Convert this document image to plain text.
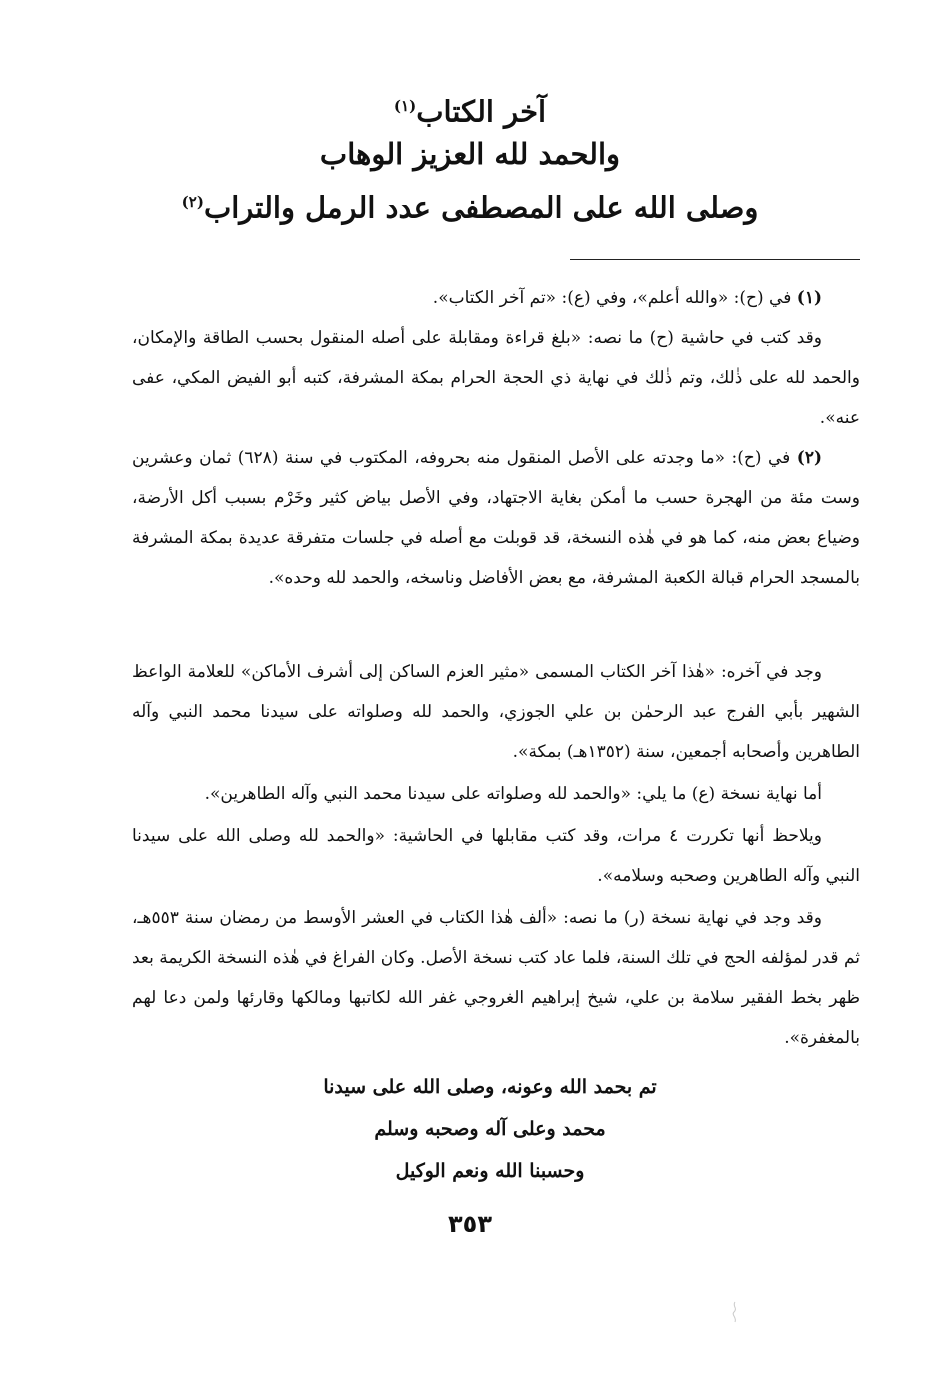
آخر الكتاب$^{(١)}$
والحمد لله العزيز الوهاب
وصلى الله على المصطفى عدد الرمل والتراب$^{(٢)}$
(١) في (ح): «والله أعلم»، وفي (ع): «تم آخر الكتاب».
وقد كتب في حاشية (ح) ما نصه: «بلغ قراءة ومقابلة على أصله المنقول بحسب الطاقة والإمكان، والحمد لله على ذٰلك، وتم ذٰلك في نهاية ذي الحجة الحرام بمكة المشرفة، كتبه أبو الفيض المكي، عفى عنه».
(٢) في (ح): «ما وجدته على الأصل المنقول منه بحروفه، المكتوب في سنة (٦٢٨) ثمان وعشرين وست مئة من الهجرة حسب ما أمكن بغاية الاجتهاد، وفي الأصل بياض كثير وخَرْم بسبب أكل الأرضة، وضياع بعض منه، كما هو في هٰذه النسخة، قد قوبلت مع أصله في جلسات متفرقة عديدة بمكة المشرفة بالمسجد الحرام قبالة الكعبة المشرفة، مع بعض الأفاضل وناسخه، والحمد لله وحده».
وجد في آخره: «هٰذا آخر الكتاب المسمى «مثير العزم الساكن إلى أشرف الأماكن» للعلامة الواعظ الشهير بأبي الفرج عبد الرحمٰن بن علي الجوزي، والحمد لله وصلواته على سيدنا محمد النبي وآله الطاهرين وأصحابه أجمعين، سنة (١٣٥٢هـ) بمكة».
أما نهاية نسخة (ع) ما يلي: «والحمد لله وصلواته على سيدنا محمد النبي وآله الطاهرين».
ويلاحظ أنها تكررت ٤ مرات، وقد كتب مقابلها في الحاشية: «والحمد لله وصلى الله على سيدنا النبي وآله الطاهرين وصحبه وسلامه».
وقد وجد في نهاية نسخة (ر) ما نصه: «ألف هٰذا الكتاب في العشر الأوسط من رمضان سنة ٥٥٣هـ، ثم قدر لمؤلفه الحج في تلك السنة، فلما عاد كتب نسخة الأصل. وكان الفراغ في هٰذه النسخة الكريمة بعد ظهر بخط الفقير سلامة بن علي، شيخ إبراهيم الغروجي غفر الله لكاتبها ومالكها وقارئها ولمن دعا لهم بالمغفرة».
تم بحمد الله وعونه، وصلى الله على سيدنا
محمد وعلى آله وصحبه وسلم
وحسبنا الله ونعم الوكيل
٣٥٣
